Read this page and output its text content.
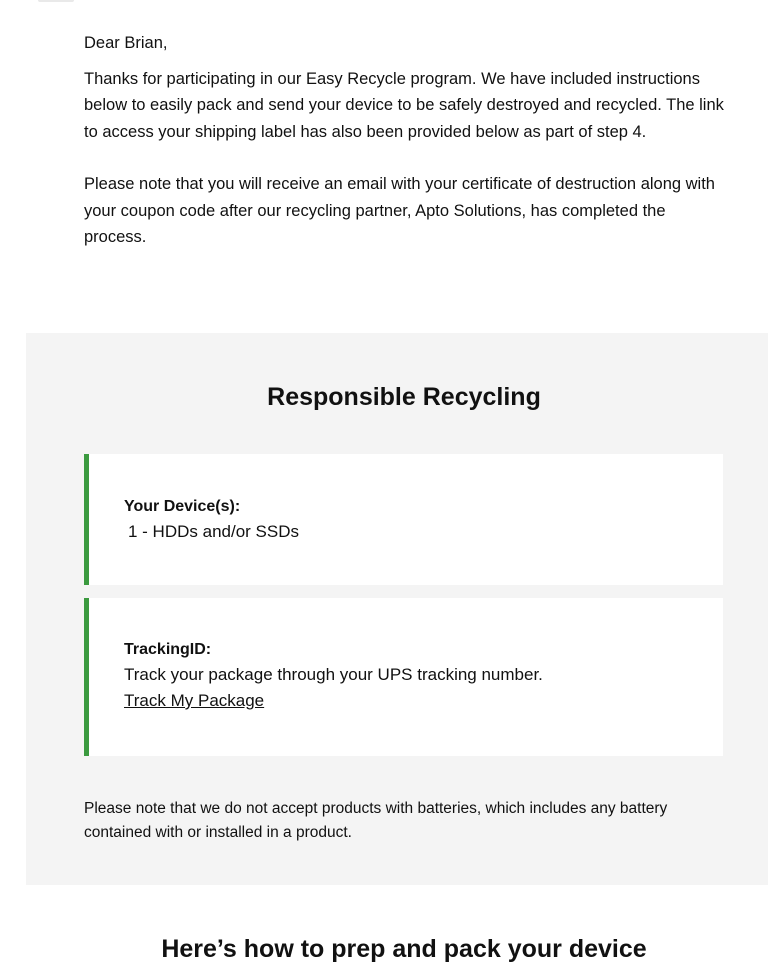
Dear Brian,

Thanks for participating in our Easy Recycle program. We have included instructions below to easily pack and send your device to be safely destroyed and recycled. The link to access your shipping label has also been provided below as part of step 4.

Please note that you will receive an email with your certificate of destruction along with your coupon code after our recycling partner, Apto Solutions, has completed the process.

Responsible Recycling
Your Device(s):
1 - HDDs and/or SSDs
TrackingID:
Track your package through your UPS tracking number.
Track My Package

Please note that we do not accept products with batteries, which includes any battery contained with or installed in a product.

Here’s how to prep and pack your device
